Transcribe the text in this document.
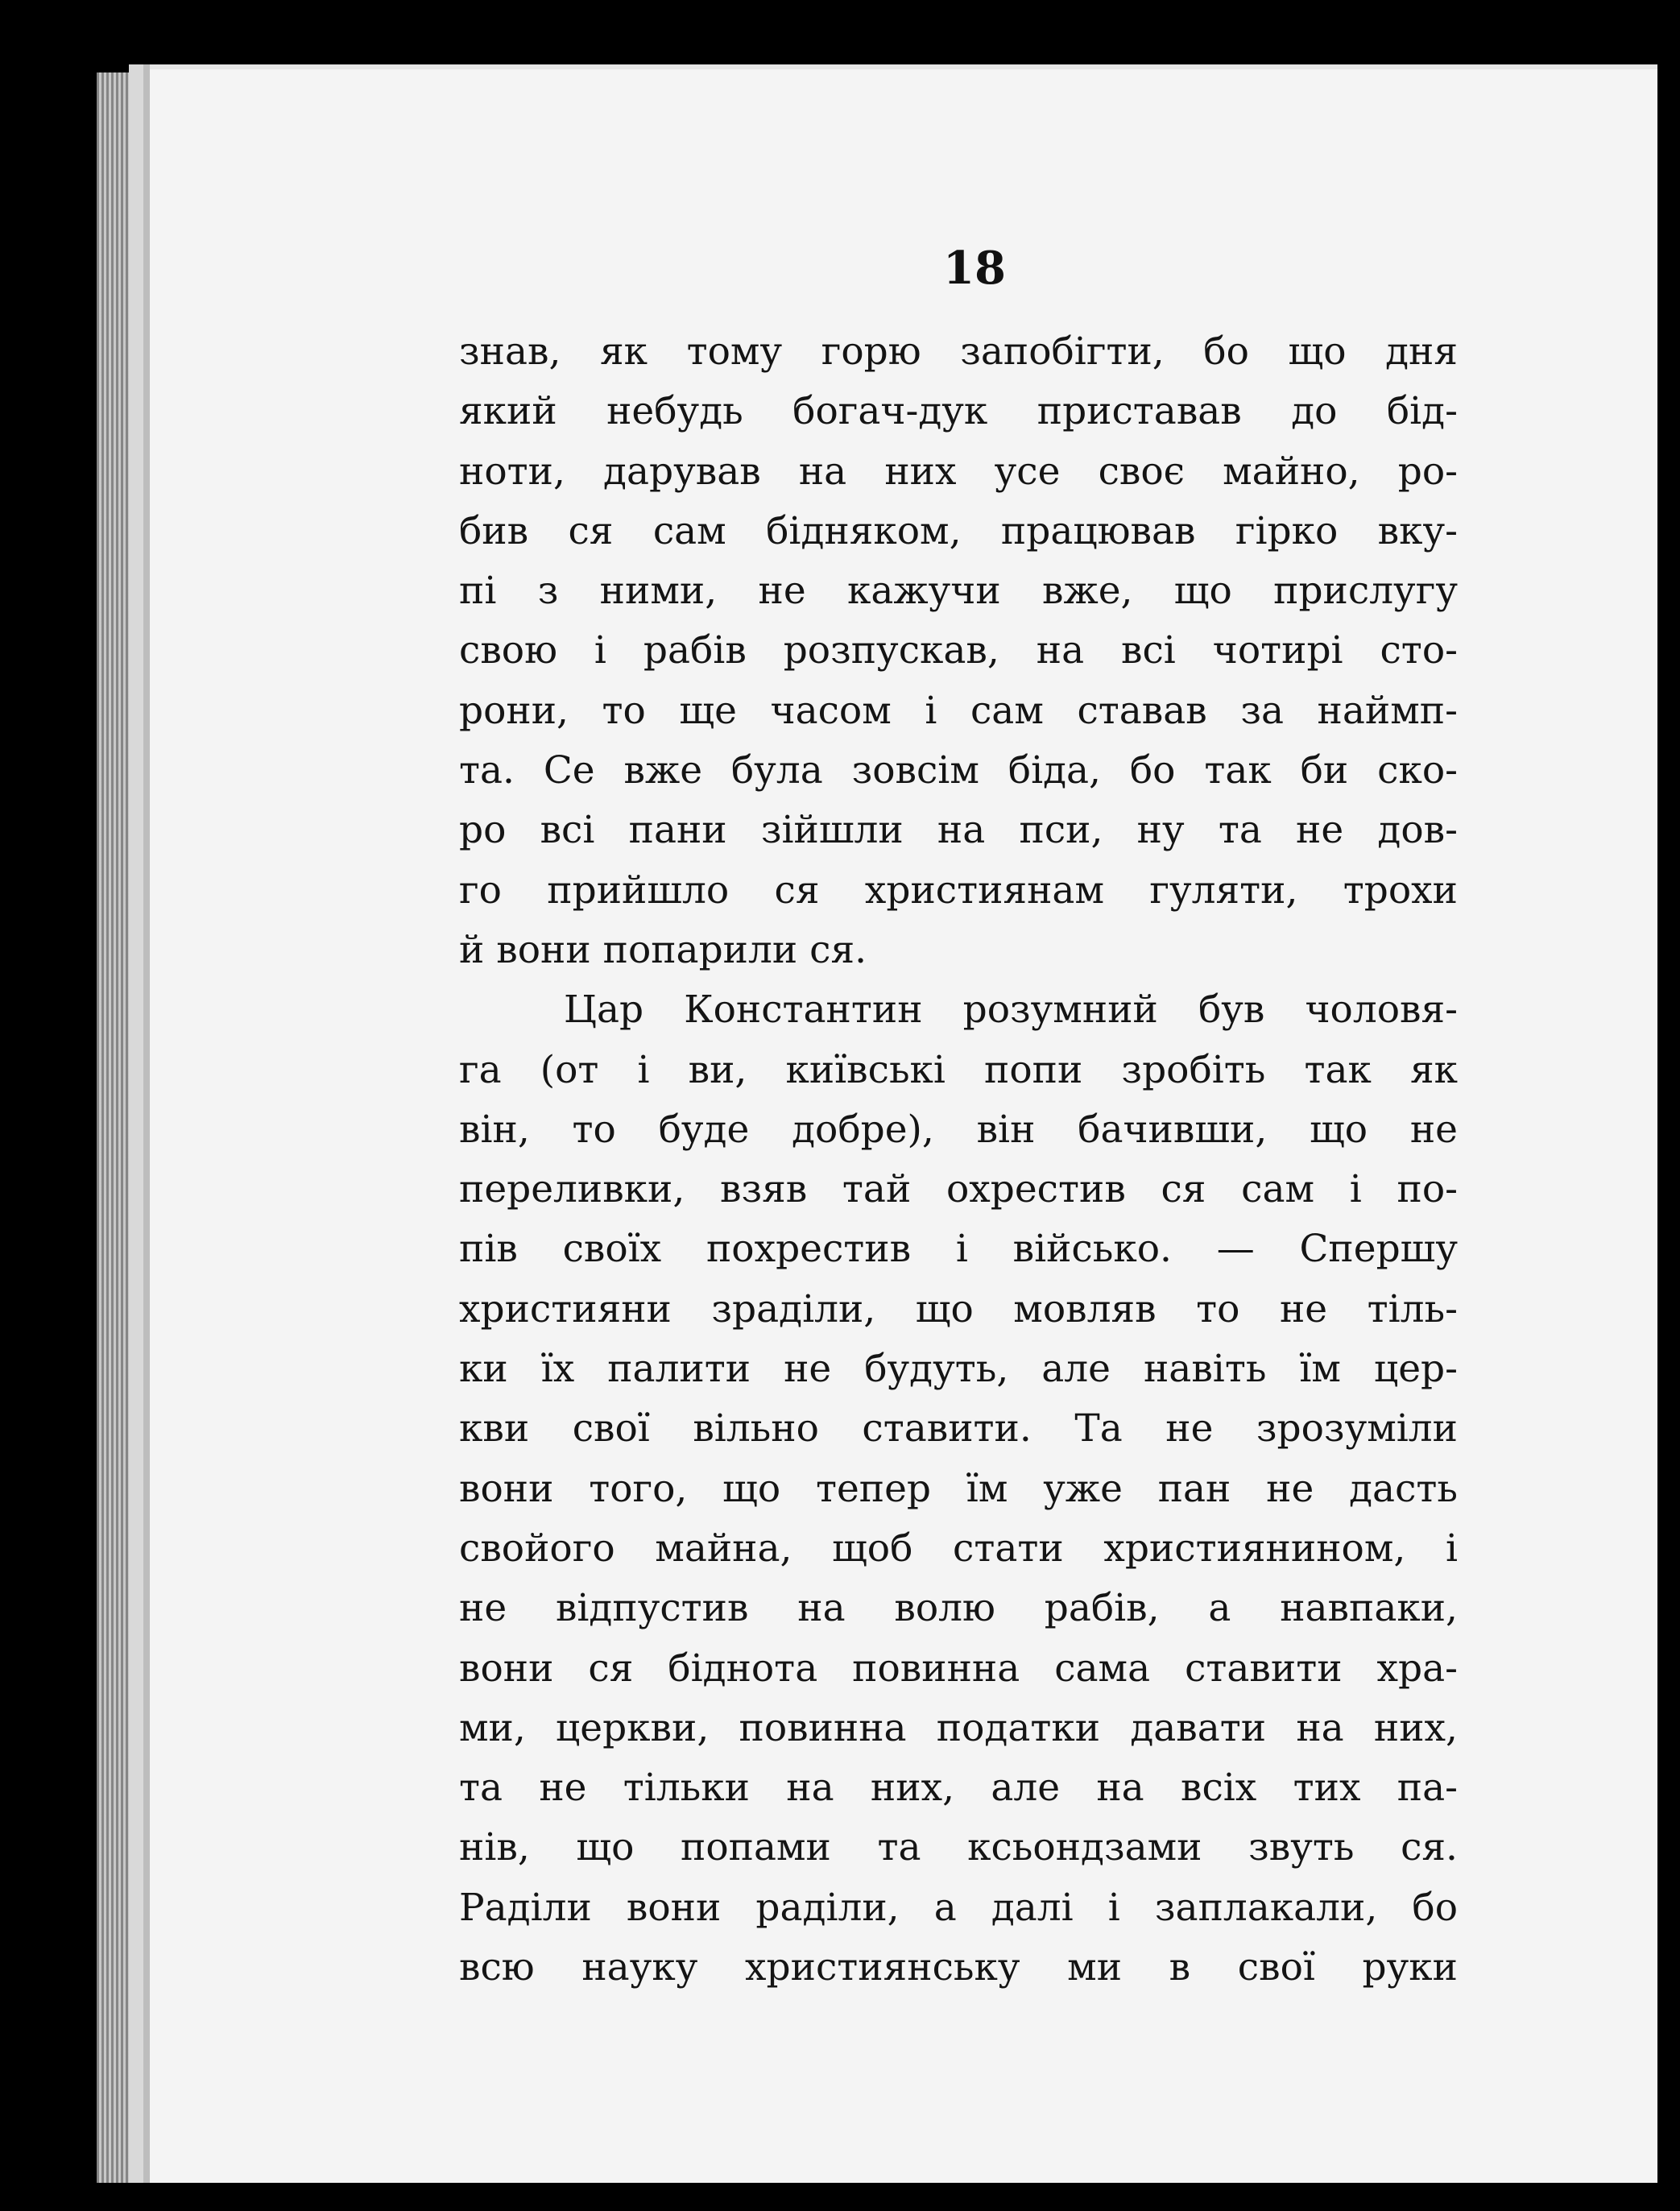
18
знав, як тому горю запобігти, бо що дня
який небудь богач-дук приставав до бід-
ноти, дарував на них усе своє майно, ро-
бив ся сам бідняком, працював гірко вку-
пі з ними, не кажучи вже, що прислугу
свою і рабів розпускав, на всі чотирі сто-
рони, то ще часом і сам ставав за наймп-
та. Се вже була зовсім біда, бо так би ско-
ро всі пани зійшли на пси, ну та не дов-
го прийшло ся християнам гуляти, трохи
й вони попарили ся.
Цар Константин розумний був чоловя-
га (от і ви, київські попи зробіть так як
він, то буде добре), він бачивши, що не
переливки, взяв тай охрестив ся сам і по-
пів своїх похрестив і військо. — Спершу
християни зраділи, що мовляв то не тіль-
ки їх палити не будуть, але навіть їм цер-
кви свої вільно ставити. Та не зрозуміли
вони того, що тепер їм уже пан не дасть
свойого майна, щоб стати християнином, і
не відпустив на волю рабів, а навпаки,
вони ся біднота повинна сама ставити хра-
ми, церкви, повинна податки давати на них,
та не тільки на них, але на всіх тих па-
нів, що попами та ксьондзами звуть ся.
Раділи вони раділи, а далі і заплакали, бо
всю науку християнську ми в свої руки
